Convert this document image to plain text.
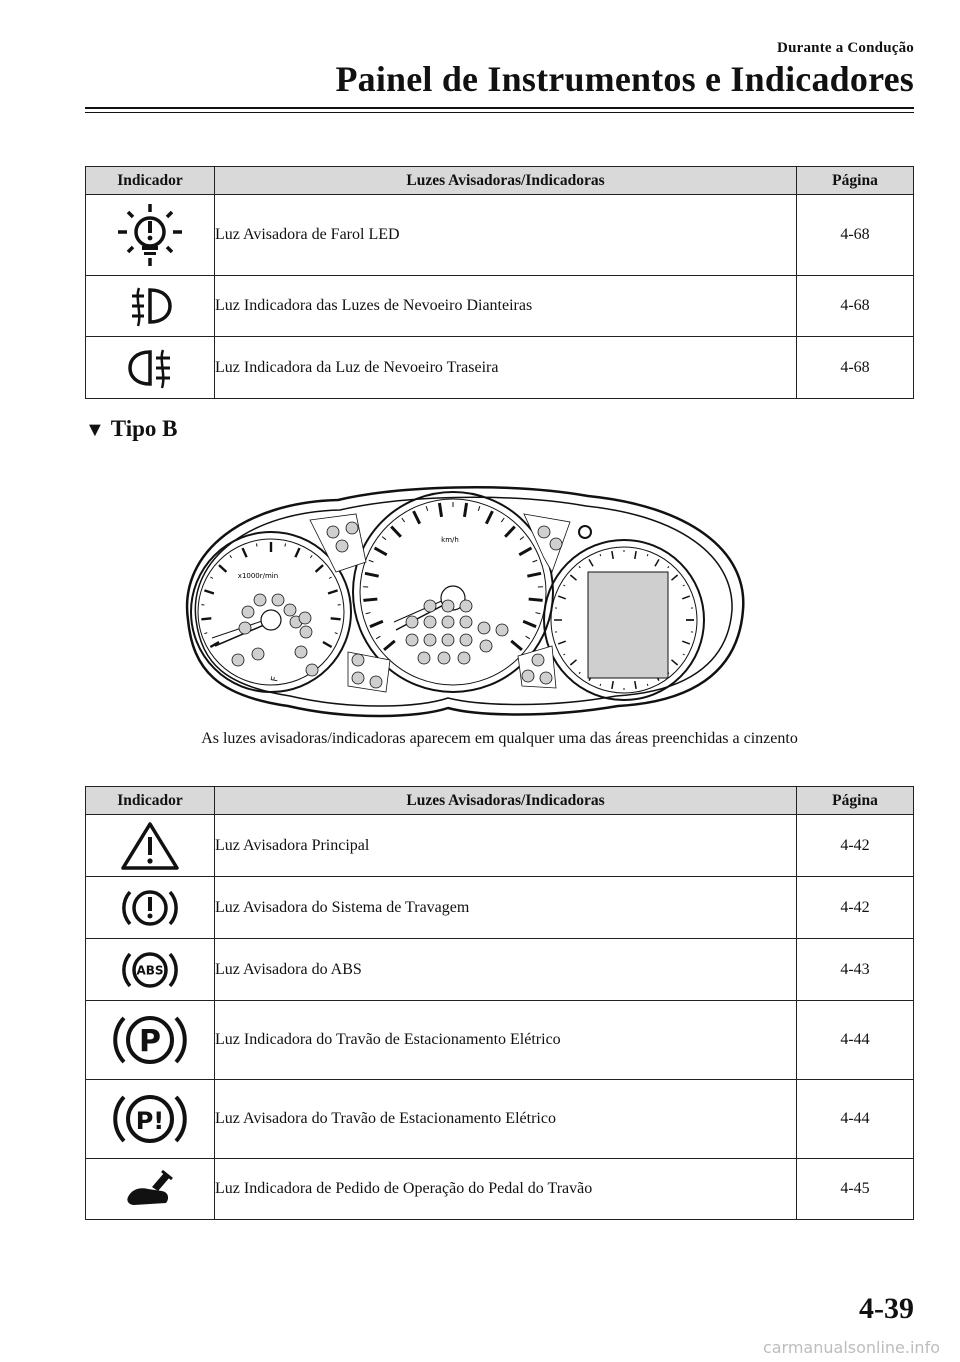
Durante a Condução
Painel de Instrumentos e Indicadores
Indicador	Luzes Avisadoras/Indicadoras	Página

	Luz Avisadora de Farol LED	4-68

	Luz Indicadora das Luzes de Nevoeiro Dianteiras	4-68

	Luz Indicadora da Luz de Nevoeiro Traseira	4-68
▼ Tipo B
x1000r/min
F
km/h
As luzes avisadoras/indicadoras aparecem em qualquer uma das áreas preenchidas a cinzento
Indicador	Luzes Avisadoras/Indicadoras	Página

	Luz Avisadora Principal	4-42

	Luz Avisadora do Sistema de Travagem	4-42

ABS	Luz Avisadora do ABS	4-43

P	Luz Indicadora do Travão de Estacionamento Elétrico	4-44

P!	Luz Avisadora do Travão de Estacionamento Elétrico	4-44

	Luz Indicadora de Pedido de Operação do Pedal do Travão	4-45
4-39
carmanualsonline.info
